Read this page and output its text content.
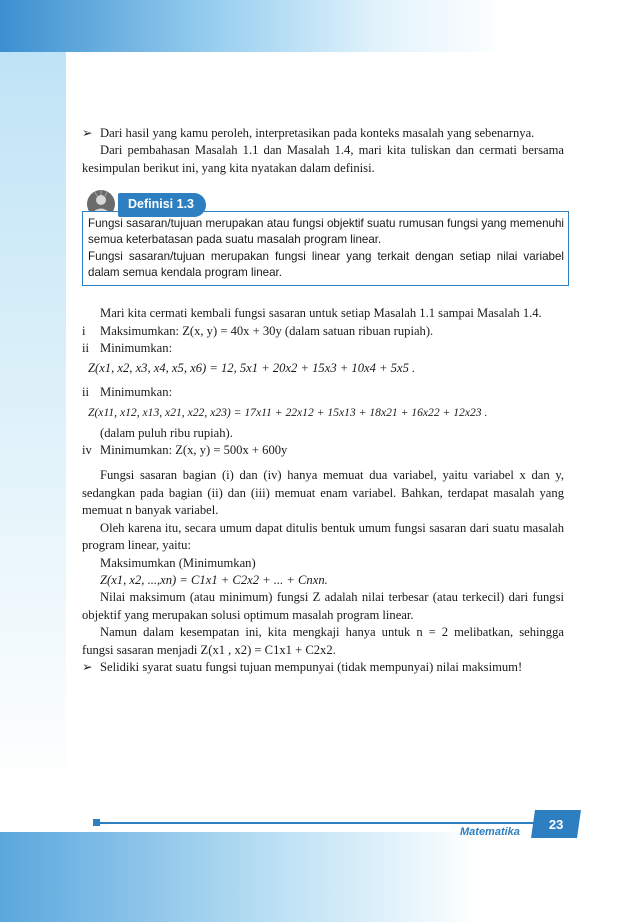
➢ Dari hasil yang kamu peroleh, interpretasikan pada konteks masalah yang sebenarnya.
Dari pembahasan Masalah 1.1 dan Masalah 1.4, mari kita tuliskan dan cermati bersama kesimpulan berikut ini, yang kita nyatakan dalam definisi.
Fungsi sasaran/tujuan merupakan atau fungsi objektif suatu rumusan fungsi yang memenuhi semua keterbatasan pada suatu masalah program linear.
Fungsi sasaran/tujuan merupakan fungsi linear yang terkait dengan setiap nilai variabel dalam semua kendala program linear.
Definisi 1.3
Mari kita cermati kembali fungsi sasaran untuk setiap Masalah 1.1 sampai Masalah 1.4.
i Maksimumkan: Z(x, y) = 40x + 30y (dalam satuan ribuan rupiah).
ii Minimumkan:
Z(x1, x2, x3, x4, x5, x6) = 12, 5x1 + 20x2 + 15x3 + 10x4 + 5x5 .
ii Minimumkan:
Z(x11, x12, x13, x21, x22, x23) = 17x11 + 22x12 + 15x13 + 18x21 + 16x22 + 12x23 .
(dalam puluh ribu rupiah).
iv Minimumkan: Z(x, y) = 500x + 600y
Fungsi sasaran bagian (i) dan (iv) hanya memuat dua variabel, yaitu variabel x dan y, sedangkan pada bagian (ii) dan (iii) memuat enam variabel. Bahkan, terdapat masalah yang memuat n banyak variabel.
Oleh karena itu, secara umum dapat ditulis bentuk umum fungsi sasaran dari suatu masalah program linear, yaitu:
Maksimumkan (Minimumkan)
Z(x1, x2, ...,xn) = C1x1 + C2x2 + ... + Cnxn.
Nilai maksimum (atau minimum) fungsi Z adalah nilai terbesar (atau terkecil) dari fungsi objektif yang merupakan solusi optimum masalah program linear.
Namun dalam kesempatan ini, kita mengkaji hanya untuk n = 2 melibatkan, sehingga fungsi sasaran menjadi Z(x1 , x2) = C1x1 + C2x2.
➢ Selidiki syarat suatu fungsi tujuan mempunyai (tidak mempunyai) nilai maksimum!
Matematika
23
